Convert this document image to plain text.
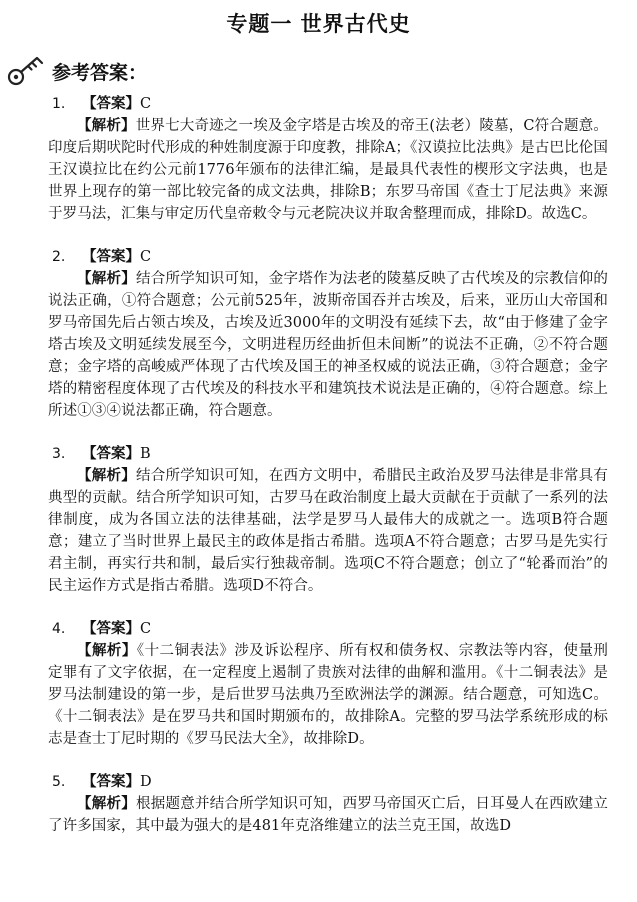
专题一 世界古代史
参考答案：
1. 【答案】C
【解析】世界七大奇迹之一埃及金字塔是古埃及的帝王(法老）陵墓，C符合题意。印度后期吠陀时代形成的种姓制度源于印度教，排除A；《汉谟拉比法典》是古巴比伦国王汉谟拉比在约公元前1776年颁布的法律汇编，是最具代表性的楔形文字法典，也是世界上现存的第一部比较完备的成文法典，排除B；东罗马帝国《查士丁尼法典》来源于罗马法，汇集与审定历代皇帝敕令与元老院决议并取舍整理而成，排除D。故选C。
2. 【答案】C
【解析】结合所学知识可知，金字塔作为法老的陵墓反映了古代埃及的宗教信仰的说法正确，①符合题意；公元前525年，波斯帝国吞并古埃及，后来，亚历山大帝国和罗马帝国先后占领古埃及，古埃及近3000年的文明没有延续下去，故“由于修建了金字塔古埃及文明延续发展至今，文明进程历经曲折但未间断”的说法不正确，②不符合题意；金字塔的高峻威严体现了古代埃及国王的神圣权威的说法正确，③符合题意；金字塔的精密程度体现了古代埃及的科技水平和建筑技术说法是正确的，④符合题意。综上所述①③④说法都正确，符合题意。
3. 【答案】B
【解析】结合所学知识可知，在西方文明中，希腊民主政治及罗马法律是非常具有典型的贡献。结合所学知识可知，古罗马在政治制度上最大贡献在于贡献了一系列的法律制度，成为各国立法的法律基础，法学是罗马人最伟大的成就之一。选项B符合题意；建立了当时世界上最民主的政体是指古希腊。选项A不符合题意；古罗马是先实行君主制，再实行共和制，最后实行独裁帝制。选项C不符合题意；创立了“轮番而治”的民主运作方式是指古希腊。选项D不符合。
4. 【答案】C
【解析】《十二铜表法》涉及诉讼程序、所有权和债务权、宗教法等内容，使量刑定罪有了文字依据，在一定程度上遏制了贵族对法律的曲解和滥用。《十二铜表法》是罗马法制建设的第一步，是后世罗马法典乃至欧洲法学的渊源。结合题意，可知选C。《十二铜表法》是在罗马共和国时期颁布的，故排除A。完整的罗马法学系统形成的标志是查士丁尼时期的《罗马民法大全》，故排除D。
5. 【答案】D
【解析】根据题意并结合所学知识可知，西罗马帝国灭亡后，日耳曼人在西欧建立了许多国家，其中最为强大的是481年克洛维建立的法兰克王国，故选D
